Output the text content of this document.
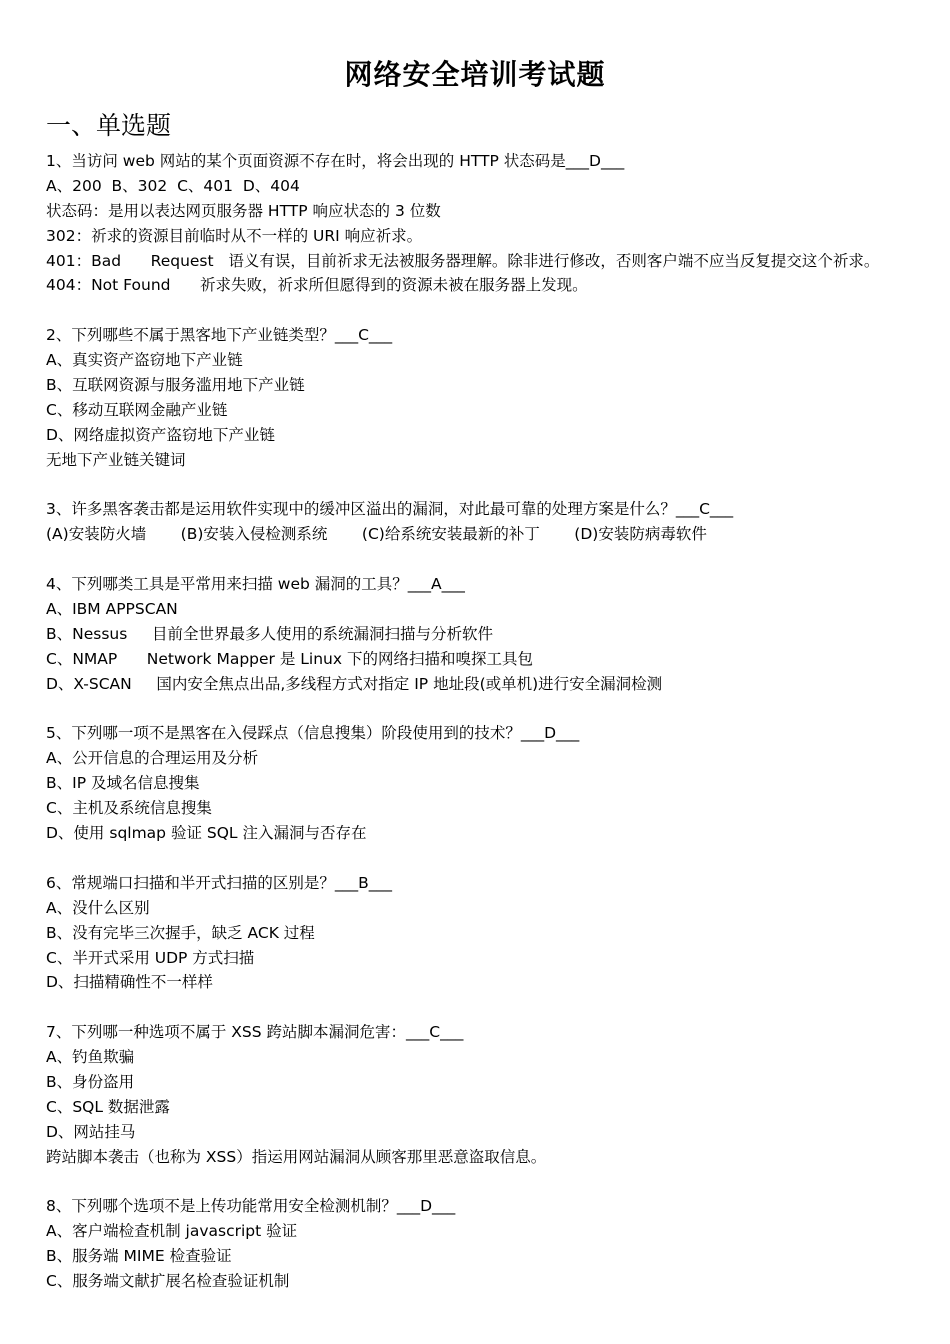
网络安全培训考试题
一、单选题
1、当访问 web 网站的某个页面资源不存在时，将会出现的 HTTP 状态码是___D___
A、200  B、302  C、401  D、404
状态码：是用以表达网页服务器 HTTP 响应状态的 3 位数
302：祈求的资源目前临时从不一样的 URI 响应祈求。
401：Bad      Request   语义有误，目前祈求无法被服务器理解。除非进行修改，否则客户端不应当反复提交这个祈求。
404：Not Found      祈求失败，祈求所但愿得到的资源未被在服务器上发现。
2、下列哪些不属于黑客地下产业链类型？___C___
A、真实资产盗窃地下产业链
B、互联网资源与服务滥用地下产业链
C、移动互联网金融产业链
D、网络虚拟资产盗窃地下产业链
无地下产业链关键词
3、许多黑客袭击都是运用软件实现中的缓冲区溢出的漏洞，对此最可靠的处理方案是什么？___C___
(A)安装防火墙       (B)安装入侵检测系统       (C)给系统安装最新的补丁       (D)安装防病毒软件
4、下列哪类工具是平常用来扫描 web 漏洞的工具？___A___
A、IBM APPSCAN
B、Nessus     目前全世界最多人使用的系统漏洞扫描与分析软件
C、NMAP      Network Mapper 是 Linux 下的网络扫描和嗅探工具包
D、X-SCAN     国内安全焦点出品,多线程方式对指定 IP 地址段(或单机)进行安全漏洞检测
5、下列哪一项不是黑客在入侵踩点（信息搜集）阶段使用到的技术？___D___
A、公开信息的合理运用及分析
B、IP 及域名信息搜集
C、主机及系统信息搜集
D、使用 sqlmap 验证 SQL 注入漏洞与否存在
6、常规端口扫描和半开式扫描的区别是？___B___
A、没什么区别
B、没有完毕三次握手，缺乏 ACK 过程
C、半开式采用 UDP 方式扫描
D、扫描精确性不一样样
7、下列哪一种选项不属于 XSS 跨站脚本漏洞危害：___C___
A、钓鱼欺骗
B、身份盗用
C、SQL 数据泄露
D、网站挂马
跨站脚本袭击（也称为 XSS）指运用网站漏洞从顾客那里恶意盗取信息。
8、下列哪个选项不是上传功能常用安全检测机制？___D___
A、客户端检查机制 javascript 验证
B、服务端 MIME 检查验证
C、服务端文献扩展名检查验证机制
